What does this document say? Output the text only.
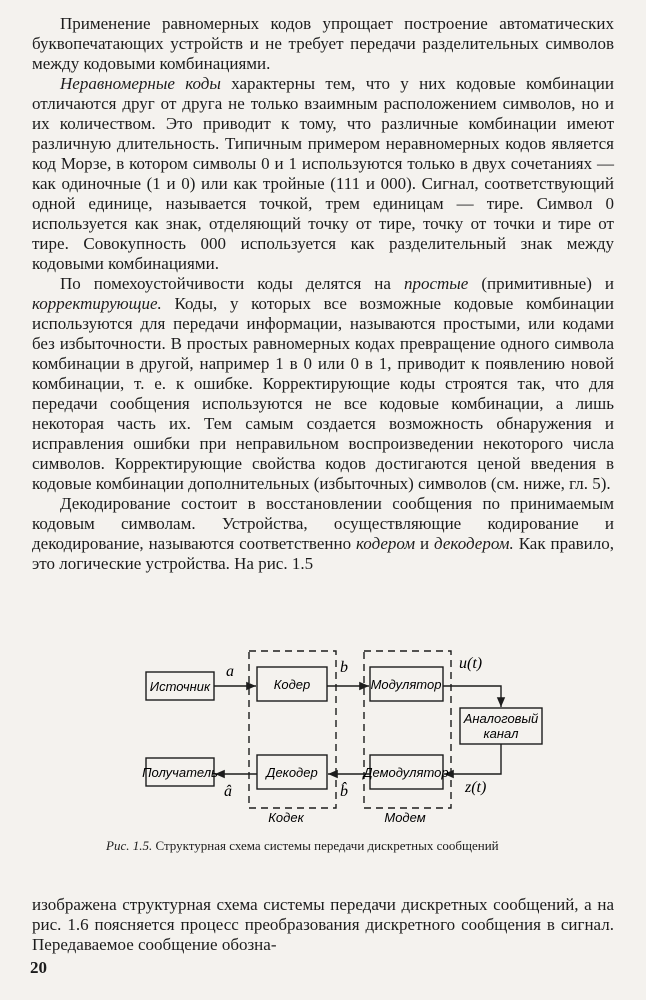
Применение равномерных кодов упрощает построение автоматических буквопечатающих устройств и не требует передачи разделительных символов между кодовыми комбинациями.

Неравномерные коды характерны тем, что у них кодовые комбинации отличаются друг от друга не только взаимным расположением символов, но и их количеством. Это приводит к тому, что различные комбинации имеют различную длительность. Типичным примером неравномерных кодов является код Морзе, в котором символы 0 и 1 используются только в двух сочетаниях — как одиночные (1 и 0) или как тройные (111 и 000). Сигнал, соответствующий одной единице, называется точкой, трем единицам — тире. Символ 0 используется как знак, отделяющий точку от тире, точку от точки и тире от тире. Совокупность 000 используется как разделительный знак между кодовыми комбинациями.

По помехоустойчивости коды делятся на простые (примитивные) и корректирующие. Коды, у которых все возможные кодовые комбинации используются для передачи информации, называются простыми, или кодами без избыточности. В простых равномерных кодах превращение одного символа комбинации в другой, например 1 в 0 или 0 в 1, приводит к появлению новой комбинации, т. е. к ошибке. Корректирующие коды строятся так, что для передачи сообщения используются не все кодовые комбинации, а лишь некоторая часть их. Тем самым создается возможность обнаружения и исправления ошибки при неправильном воспроизведении некоторого числа символов. Корректирующие свойства кодов достигаются ценой введения в кодовые комбинации дополнительных (избыточных) символов (см. ниже, гл. 5).

Декодирование состоит в восстановлении сообщения по принимаемым кодовым символам. Устройства, осуществляющие кодирование и декодирование, называются соответственно кодером и декодером. Как правило, это логические устройства. На рис. 1.5

Источник	Кодер	Модулятор
Аналоговый
канал
Получатель	Декодер	Демодулятор
a	b	u(t)
â	b̂	z(t)
Кодек	Модем

Рис. 1.5. Структурная схема системы передачи дискретных сообщений

изображена структурная схема системы передачи дискретных сообщений, а на рис. 1.6 поясняется процесс преобразования дискретного сообщения в сигнал. Передаваемое сообщение обозна-

20
